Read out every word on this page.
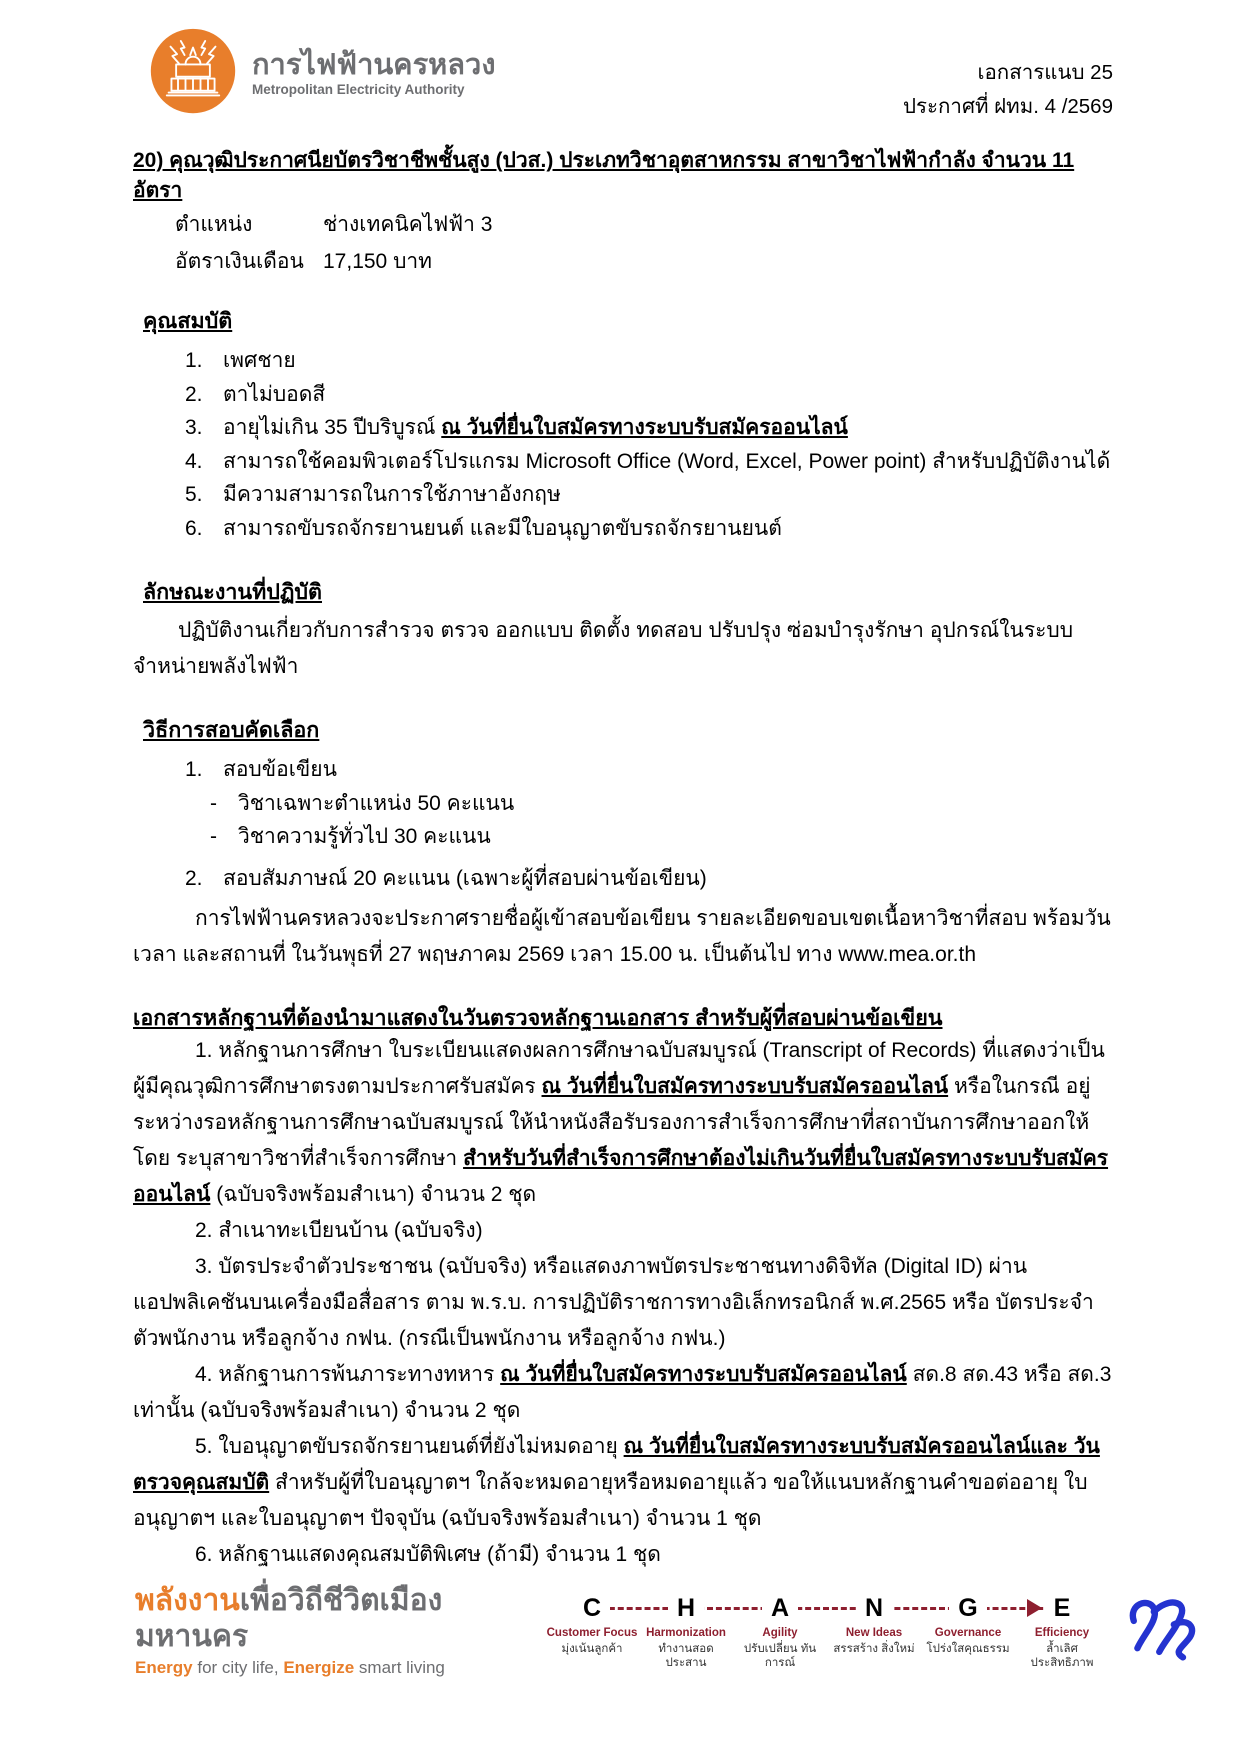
การไฟฟ้านครหลวง
Metropolitan Electricity Authority
เอกสารแนบ 25
ประกาศที่ ฝทม. 4 /2569

20) คุณวุฒิประกาศนียบัตรวิชาชีพชั้นสูง (ปวส.) ประเภทวิชาอุตสาหกรรม สาขาวิชาไฟฟ้ากำลัง จำนวน 11 อัตรา

ตำแหน่ง	ช่างเทคนิคไฟฟ้า 3
อัตราเงินเดือน 17,150 บาท

คุณสมบัติ

1. เพศชาย
2. ตาไม่บอดสี
3. อายุไม่เกิน 35 ปีบริบูรณ์ ณ วันที่ยื่นใบสมัครทางระบบรับสมัครออนไลน์
4. สามารถใช้คอมพิวเตอร์โปรแกรม Microsoft Office (Word, Excel, Power point) สำหรับปฏิบัติงานได้
5. มีความสามารถในการใช้ภาษาอังกฤษ
6. สามารถขับรถจักรยานยนต์ และมีใบอนุญาตขับรถจักรยานยนต์

ลักษณะงานที่ปฏิบัติ

ปฏิบัติงานเกี่ยวกับการสำรวจ ตรวจ ออกแบบ ติดตั้ง ทดสอบ ปรับปรุง ซ่อมบำรุงรักษา อุปกรณ์ในระบบจำหน่ายพลังไฟฟ้า

วิธีการสอบคัดเลือก

1. สอบข้อเขียน
- วิชาเฉพาะตำแหน่ง 50 คะแนน
- วิชาความรู้ทั่วไป 30 คะแนน
2. สอบสัมภาษณ์ 20 คะแนน (เฉพาะผู้ที่สอบผ่านข้อเขียน)

การไฟฟ้านครหลวงจะประกาศรายชื่อผู้เข้าสอบข้อเขียน รายละเอียดขอบเขตเนื้อหาวิชาที่สอบ พร้อมวัน เวลา และสถานที่ ในวันพุธที่ 27 พฤษภาคม 2569 เวลา 15.00 น. เป็นต้นไป ทาง www.mea.or.th

เอกสารหลักฐานที่ต้องนำมาแสดงในวันตรวจหลักฐานเอกสาร สำหรับผู้ที่สอบผ่านข้อเขียน

1. หลักฐานการศึกษา ใบระเบียนแสดงผลการศึกษาฉบับสมบูรณ์ (Transcript of Records) ที่แสดงว่าเป็น ผู้มีคุณวุฒิการศึกษาตรงตามประกาศรับสมัคร ณ วันที่ยื่นใบสมัครทางระบบรับสมัครออนไลน์ หรือในกรณี อยู่ระหว่างรอหลักฐานการศึกษาฉบับสมบูรณ์ ให้นำหนังสือรับรองการสำเร็จการศึกษาที่สถาบันการศึกษาออกให้ โดย ระบุสาขาวิชาที่สำเร็จการศึกษา สำหรับวันที่สำเร็จการศึกษาต้องไม่เกินวันที่ยื่นใบสมัครทางระบบรับสมัคร ออนไลน์ (ฉบับจริงพร้อมสำเนา) จำนวน 2 ชุด

2. สำเนาทะเบียนบ้าน (ฉบับจริง)

3. บัตรประจำตัวประชาชน (ฉบับจริง) หรือแสดงภาพบัตรประชาชนทางดิจิทัล (Digital ID) ผ่านแอปพลิเคชันบนเครื่องมือสื่อสาร ตาม พ.ร.บ. การปฏิบัติราชการทางอิเล็กทรอนิกส์ พ.ศ.2565 หรือ บัตรประจำตัวพนักงาน หรือลูกจ้าง กฟน. (กรณีเป็นพนักงาน หรือลูกจ้าง กฟน.)

4. หลักฐานการพ้นภาระทางทหาร ณ วันที่ยื่นใบสมัครทางระบบรับสมัครออนไลน์ สด.8 สด.43 หรือ สด.3 เท่านั้น (ฉบับจริงพร้อมสำเนา) จำนวน 2 ชุด

5. ใบอนุญาตขับรถจักรยานยนต์ที่ยังไม่หมดอายุ ณ วันที่ยื่นใบสมัครทางระบบรับสมัครออนไลน์และ วันตรวจคุณสมบัติ สำหรับผู้ที่ใบอนุญาตฯ ใกล้จะหมดอายุหรือหมดอายุแล้ว ขอให้แนบหลักฐานคำขอต่ออายุ ใบอนุญาตฯ และใบอนุญาตฯ ปัจจุบัน (ฉบับจริงพร้อมสำเนา) จำนวน 1 ชุด

6. หลักฐานแสดงคุณสมบัติพิเศษ (ถ้ามี) จำนวน 1 ชุด

พลังงานเพื่อวิถีชีวิตเมืองมหานคร
Energy for city life, Energize smart living
C
Customer Focus
มุ่งเน้นลูกค้า
H
Harmonization
ทำงานสอดประสาน
A
Agility
ปรับเปลี่ยน ทันการณ์
N
New Ideas
สรรสร้าง สิ่งใหม่
G
Governance
โปร่งใสคุณธรรม
E
Efficiency
ล้ำเลิศ ประสิทธิภาพ
